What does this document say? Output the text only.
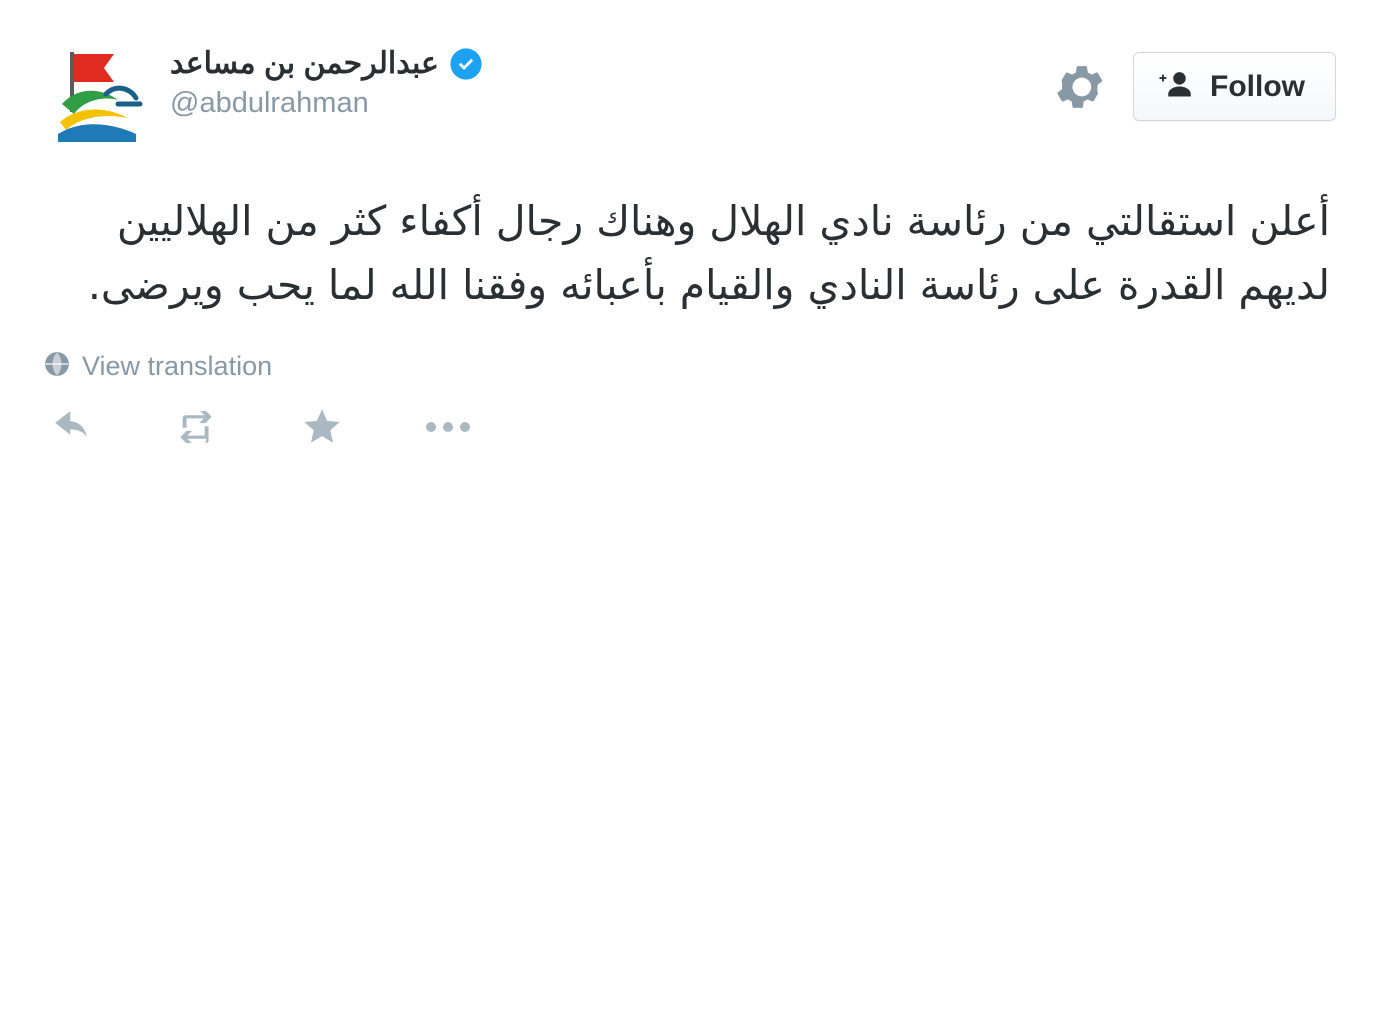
عبدالرحمن بن مساعد
@abdulrahman
Follow
أعلن استقالتي من رئاسة نادي الهلال وهناك رجال أكفاء كثر من الهلاليين لديهم القدرة على رئاسة النادي والقيام بأعبائه وفقنا الله لما يحب ويرضى.
View translation
